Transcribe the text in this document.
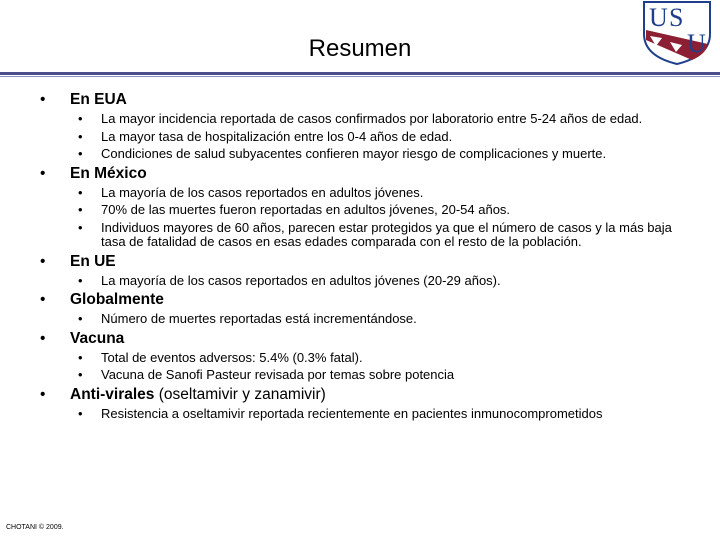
Resumen
U S
U
• En EUA
• La mayor incidencia reportada de casos confirmados por laboratorio entre 5-24 años de edad.
• La mayor tasa de hospitalización entre los 0-4 años de edad.
• Condiciones de salud subyacentes confieren mayor riesgo de complicaciones y muerte.
• En México
• La mayoría de los casos reportados en adultos jóvenes.
• 70% de las muertes fueron reportadas en adultos jóvenes, 20-54 años.
• Individuos mayores de 60 años, parecen estar protegidos ya que el número de casos y la más baja tasa de fatalidad de casos en esas edades comparada con el resto de la población.
• En UE
• La mayoría de los casos reportados en adultos jóvenes (20-29 años).
• Globalmente
• Número de muertes reportadas está incrementándose.
• Vacuna
• Total de eventos adversos: 5.4% (0.3% fatal).
• Vacuna de Sanofi Pasteur revisada por temas sobre potencia
• Anti-virales (oseltamivir y zanamivir)
• Resistencia a oseltamivir reportada recientemente en pacientes inmunocomprometidos
CHOTANI © 2009.
